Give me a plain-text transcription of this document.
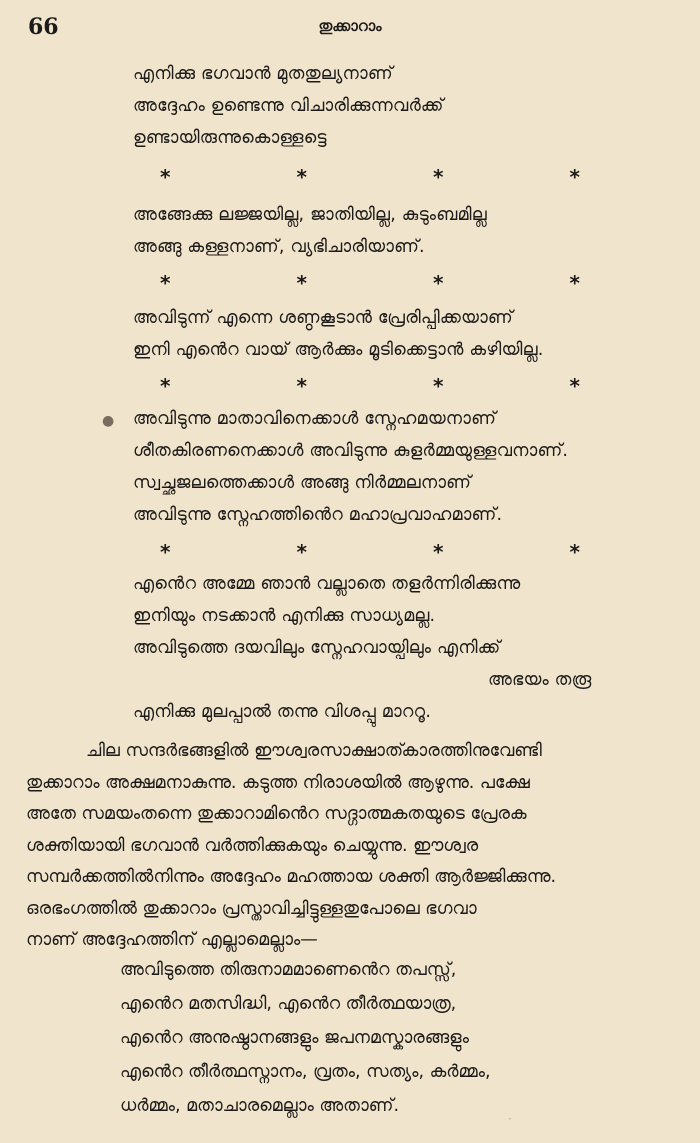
66	തുക്കാറാം
എനിക്കു ഭഗവാൻ മുതതുല്യനാണ്
അദ്ദേഹം ഉണ്ടെന്നു വിചാരിക്കുന്നവർക്ക്
ഉണ്ടായിരുന്നുകൊള്ളട്ടെ
*	*	*	*
അങ്ങേക്കു ലജ്ജയില്ല, ജാതിയില്ല, കുടുംബമില്ല
അങ്ങു കള്ളനാണ്, വ്യഭിചാരിയാണ്.
*	*	*	*
അവിടുന്ന് എന്നെ ശണ്ഠകൂടാൻ പ്രേരിപ്പിക്കയാണ്
ഇനി എൻെറ വായ് ആർക്കും മൂടിക്കെട്ടാൻ കഴിയില്ല.
*	*	*	*
● അവിടുന്നു മാതാവിനെക്കാൾ സ്നേഹമയനാണ്
ശീതകിരണനെക്കാൾ അവിടുന്നു കുളർമ്മയുള്ളവനാണ്.
സ്വച്ഛജലത്തെക്കാൾ അങ്ങു നിർമ്മലനാണ്
അവിടുന്നു സ്നേഹത്തിൻെറ മഹാപ്രവാഹമാണ്.
*	*	*	*
എൻെറ അമ്മേ ഞാൻ വല്ലാതെ തളർന്നിരിക്കുന്നു
ഇനിയും നടക്കാൻ എനിക്കു സാധ്യമല്ല.
അവിടുത്തെ ദയവിലും സ്നേഹവായ്പിലും എനിക്ക്
അഭയം തരൂ
എനിക്കു മുലപ്പാൽ തന്നു വിശപ്പു മാററൂ.
ചില സന്ദർഭങ്ങളിൽ ഈശ്വരസാക്ഷാത്കാരത്തിനുവേണ്ടി
തുക്കാറാം അക്ഷമനാകുന്നു. കടുത്ത നിരാശയിൽ ആഴുന്നു. പക്ഷേ
അതേ സമയംതന്നെ തുക്കാറാമിൻെറ സദ്ഗാത്മകതയുടെ പ്രേരക
ശക്തിയായി ഭഗവാൻ വർത്തിക്കുകയും ചെയ്യുന്നു. ഈശ്വര
സമ്പർക്കത്തിൽനിന്നും അദ്ദേഹം മഹത്തായ ശക്തി ആർജ്ജിക്കുന്നു.
ഒരഭംഗത്തിൽ തുക്കാറാം പ്രസ്താവിച്ചിട്ടുള്ളതുപോലെ ഭഗവാ
നാണ് അദ്ദേഹത്തിന് എല്ലാമെല്ലാം—
അവിടുത്തെ തിരുനാമമാണെൻെറ തപസ്സ്,
എൻെറ മതസിദ്ധി, എൻെറ തീർത്ഥയാത്ര,
എൻെറ അനുഷ്ഠാനങ്ങളും ജപനമസ്കാരങ്ങളും
എൻെറ തീർത്ഥസ്നാനം, വ്രതം, സത്യം, കർമ്മം,
ധർമ്മം, മതാചാരമെല്ലാം അതാണ്.
·
